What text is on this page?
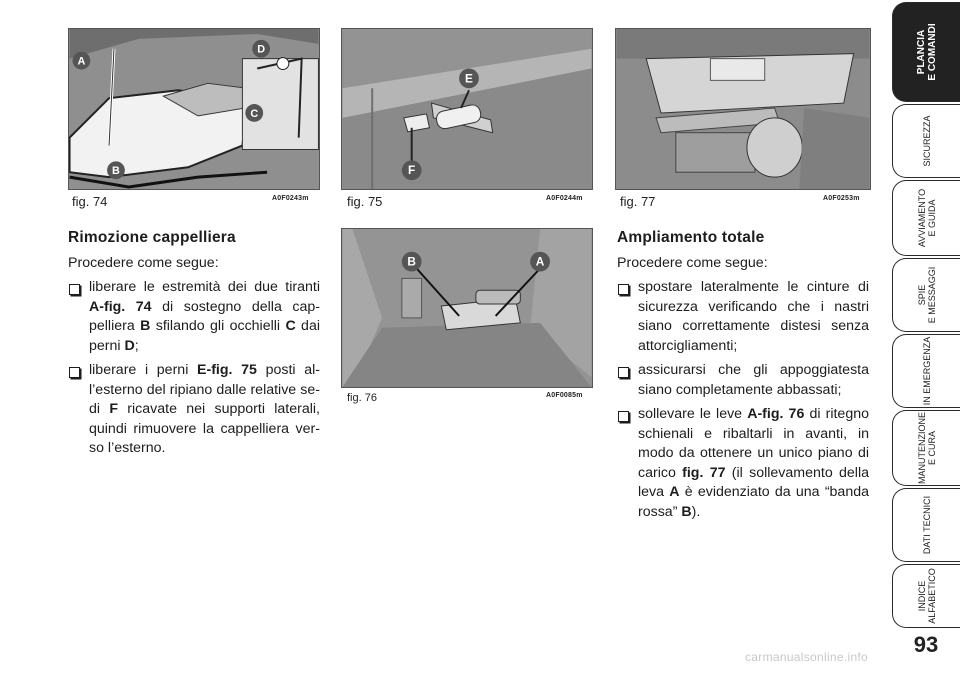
A
B
C
D
fig. 74	A0F0243m
E
F
fig. 75	A0F0244m
B	A
fig. 76	A0F0085m
fig. 77	A0F0253m
Rimozione cappelliera

Procedere come segue:

liberare le estremità dei due tiranti A-fig. 74 di sostegno della cappelliera B sfilando gli occhielli C dai perni D;
liberare i perni E-fig. 75 posti all’esterno del ripiano dalle relative sedi F ricavate nei supporti laterali, quindi rimuovere la cappelliera verso l’esterno.
Ampliamento totale

Procedere come segue:

spostare lateralmente le cinture di sicurezza verificando che i nastri siano correttamente distesi senza attorcigliamenti;
assicurarsi che gli appoggiatesta siano completamente abbassati;
sollevare le leve A-fig. 76 di ritegno schienali e ribaltarli in avanti, in modo da ottenere un unico piano di carico fig. 77 (il sollevamento della leva A è evidenziato da una “banda rossa” B).
PLANCIA
E COMANDI
SICUREZZA
AVVIAMENTO
E GUIDA
SPIE
E MESSAGGI
IN EMERGENZA
MANUTENZIONE
E CURA
DATI TECNICI
INDICE
ALFABETICO
93
carmanualsonline.info
